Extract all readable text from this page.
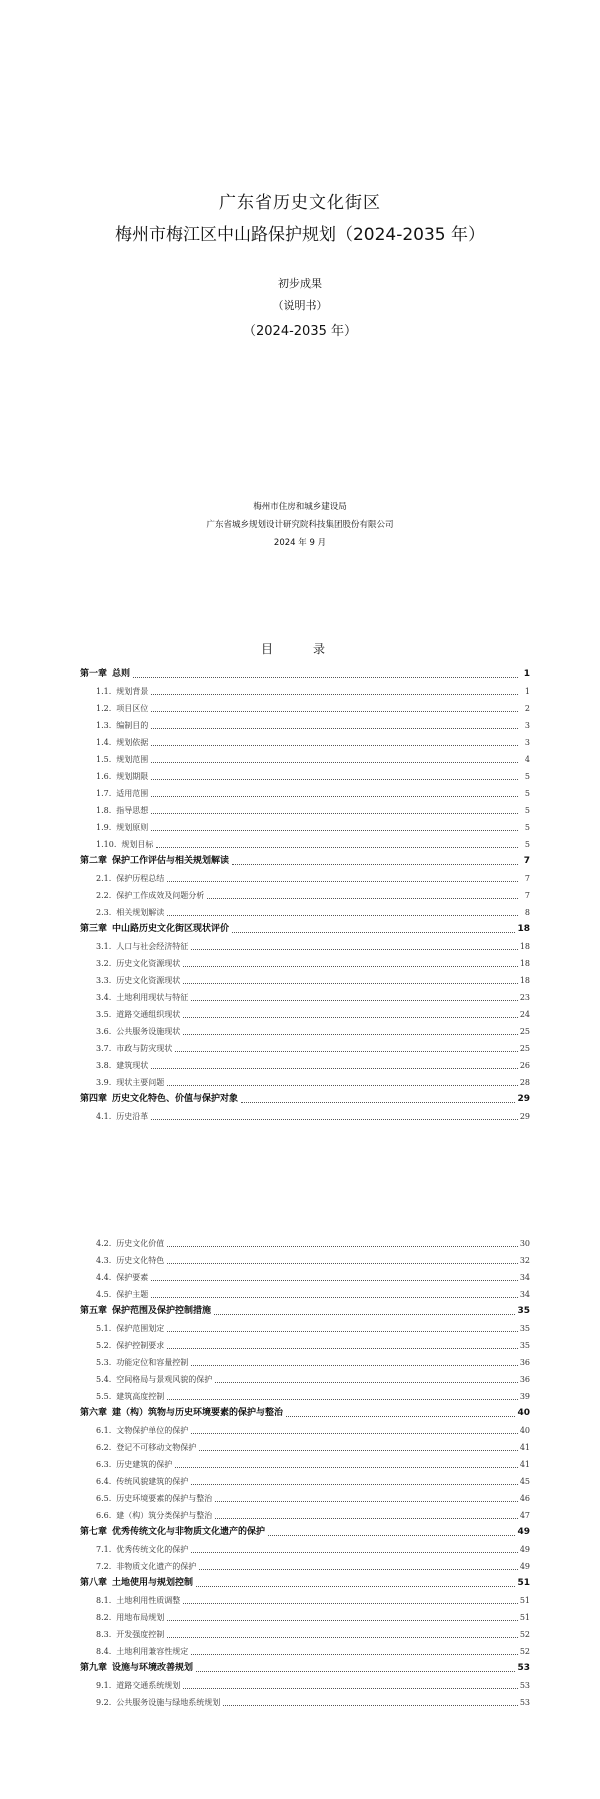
广东省历史文化街区
梅州市梅江区中山路保护规划（2024-2035 年）
初步成果
（说明书）
（2024-2035 年）
梅州市住房和城乡建设局
广东省城乡规划设计研究院科技集团股份有限公司
2024 年 9 月
目　录
第一章 总则	1
1.1. 规划背景	1
1.2. 项目区位	2
1.3. 编制目的	3
1.4. 规划依据	3
1.5. 规划范围	4
1.6. 规划期限	5
1.7. 适用范围	5
1.8. 指导思想	5
1.9. 规划原则	5
1.10. 规划目标	5
第二章 保护工作评估与相关规划解读	7
2.1. 保护历程总结	7
2.2. 保护工作成效及问题分析	7
2.3. 相关规划解读	8
第三章 中山路历史文化街区现状评价	18
3.1. 人口与社会经济特征	18
3.2. 历史文化资源现状	18
3.3. 历史文化资源现状	18
3.4. 土地利用现状与特征	23
3.5. 道路交通组织现状	24
3.6. 公共服务设施现状	25
3.7. 市政与防灾现状	25
3.8. 建筑现状	26
3.9. 现状主要问题	28
第四章 历史文化特色、价值与保护对象	29
4.1. 历史沿革	29
4.2. 历史文化价值	30
4.3. 历史文化特色	32
4.4. 保护要素	34
4.5. 保护主题	34
第五章 保护范围及保护控制措施	35
5.1. 保护范围划定	35
5.2. 保护控制要求	35
5.3. 功能定位和容量控制	36
5.4. 空间格局与景观风貌的保护	36
5.5. 建筑高度控制	39
第六章 建（构）筑物与历史环境要素的保护与整治	40
6.1. 文物保护单位的保护	40
6.2. 登记不可移动文物保护	41
6.3. 历史建筑的保护	41
6.4. 传统风貌建筑的保护	45
6.5. 历史环境要素的保护与整治	46
6.6. 建（构）筑分类保护与整治	47
第七章 优秀传统文化与非物质文化遗产的保护	49
7.1. 优秀传统文化的保护	49
7.2. 非物质文化遗产的保护	49
第八章 土地使用与规划控制	51
8.1. 土地利用性质调整	51
8.2. 用地布局规划	51
8.3. 开发强度控制	52
8.4. 土地利用兼容性规定	52
第九章 设施与环境改善规划	53
9.1. 道路交通系统规划	53
9.2. 公共服务设施与绿地系统规划	53
